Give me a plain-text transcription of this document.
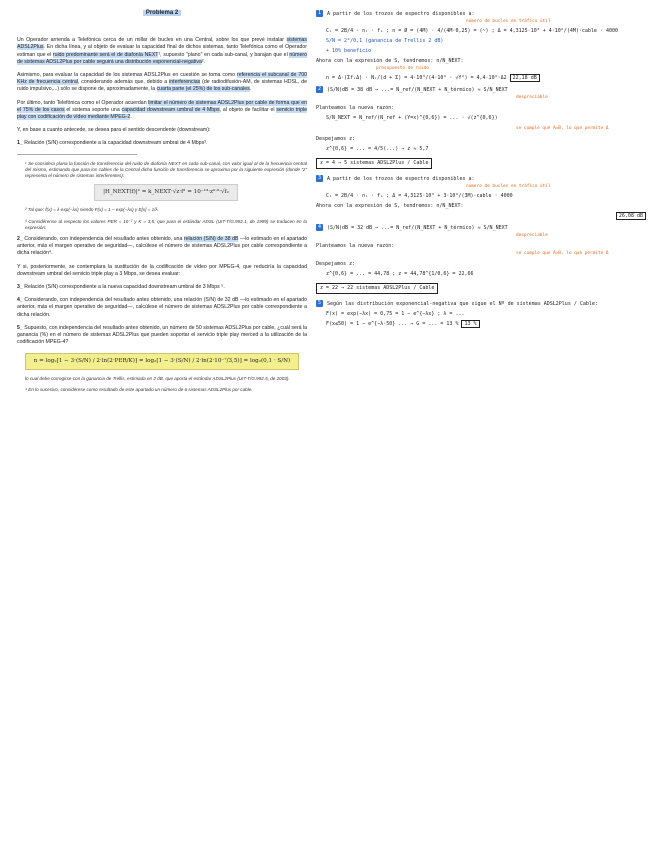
Problema 2
Un Operador arrienda a Telefónica cerca de un millar de bucles en una Central, sobre los que prevé instalar sistemas ADSL2Plus. En dicha línea, y al objeto de evaluar la capacidad final de dichos sistemas, tanto Telefónica como el Operador estiman que el ruido predominante será el de diafonía NEXT¹, supuesto "plano" en cada sub-canal, y barajan que el número de sistemas ADSL2Plus por cable seguirá una distribución exponencial-negativa².
Asimismo, para evaluar la capacidad de los sistemas ADSL2Plus en cuestión se toma como referencia el subcanal de 700 KHz de frecuencia central, considerando además que, debido a interferencias (de radiodifusión-AM, de sistemas HDSL, de ruido impulsivo,...) sólo se dispone de, aproximadamente, la cuarta parte (el 25%) de los sub-canales.
Por último, tanto Telefónica como el Operador acuerdan limitar el número de sistemas ADSL2Plus por cable de forma que en el 75% de los casos el sistema soporte una capacidad downstream umbral de 4 Mbps, al objeto de facilitar el servicio triple play con codificación de vídeo mediante MPEG-2.
Y, en base a cuanto antecede, se desea para el sentido descendente (downstream):
1_ Relación (S/N) correspondiente a la capacidad downstream umbral de 4 Mbps³.
¹ Se considera plana la función de transferencia del ruido de diafonía NEXT en cada sub-canal, con valor igual al de la frecuencia central del mismo, estimando que para los cables de la Central dicha función de transferencia se aproxima por la siguiente expresión (donde "z" representa el número de sistemas interferentes):
|H_NEXT(f)|² = k_NEXT·√z·f² = 10⁻¹³·z⁰·⁶·√f₂
² Tal que: f(x) = λ·exp(−λx) siendo F(x) = 1 − exp(−λx) y E[x] = 1/λ
³ Considérense al respecto los valores PER = 10⁻⁷ y K = 3,5; que para el estándar ADSL (UIT-T/G.992.1, de 1999) se traducen en la expresión:
2_ Considerando, con independencia del resultado antes obtenido, una relación (S/N) de 38 dB —lo estimado en el apartado anterior, más el margen operativo de seguridad—, calcúlese el número de sistemas ADSL2Plus por cable correspondiente a dicha relación⁴.
Y si, posteriormente, se contemplara la sustitución de la codificación de vídeo por MPEG-4, que reduciría la capacidad downstream umbral del servicio triple play a 3 Mbps, se desea evaluar:
3_ Relación (S/N) correspondiente a la nueva capacidad downstream umbral de 3 Mbps ⁵.
4_ Considerando, con independencia del resultado antes obtenido, una relación (S/N) de 32 dB —lo estimado en el apartado anterior, más el margen operativo de seguridad—, calcúlese el número de sistemas ADSL2Plus por cable correspondiente a dicha relación.
5_ Supuesto, con independencia del resultado antes obtenido, un número de 50 sistemas ADSL2Plus por cable, ¿cuál será la ganancia (%) en el número de sistemas ADSL2Plus que pueden soportar el servicio triple play merced a la utilización de la codificación MPEG-4?
n = log₂[1 − 3·(S/N) / 2·ln(2·PER/K)] = log₂[1 − 3·(S/N) / 2·ln(2·10⁻⁷/3,5)] = log₂(0,1 · S/N)
lo cual debe corregirse con la ganancia de Trellis, estimada en 2 dB, que aporta el estándar ADSL2Plus (UIT-T/G.992.5, de 2003).
⁴ En lo sucesivo, considérese como resultado de este apartado un número de 6 sistemas ADSL2Plus por cable.
1 A partir de los trozos de espectro disponibles a:
número de bucles en tráfico útil
Cᵢ = 2B/4 · nᵢ · fₛ ; n = Ø = (4M) · 4/(4M·0,25) = (~) ; Δ = 4,3125·10³ + 4·10⁶/(4M)·cable · 4000
S/N = 2⁴/0,1 (ganancia de Trellis 2 dB)
+ 10% beneficio
Ahora con la expresión de S, tendremos: n/N_NEXT:
presupuesto de ruido
n = Δ·(ΣfᵢΔ) · Nᵢ/(d + Σ) = 4·10³/(4·10⁶ · √f²) = 4,4·10⁶·Δ2 22,18 dB
2 (S/N)dB = 38 dB ⇒ ...= N_ref/(N_NEXT + N_térmico) ≈ S/N_NEXT
despreciable
Planteamos la nueva razón:
S/N_NEXT = N_ref/(N_ref + (Y=x)^{0,6}) = ... · √(z^{0,6})
se cumple que A=B, lo que permite Δ
Despejamos z:
z^{0,6} = ... = 4/5(...) ⇒ z ≈ 5,7
z = 4 → 5 sistemas ADSL2Plus / Cable
3 A partir de los trozos de espectro disponibles a:
número de bucles en tráfico útil
Cᵢ = 2B/4 · nᵢ · fₛ ; Δ = 4,3125·10³ + 3·10⁶/(3M)·cable · 4000
Ahora con la expresión de S, tendremos: n/N_NEXT:
26,08 dB
4 (S/N)dB = 32 dB ⇒ ...= N_ref/(N_NEXT + N_térmico) ≈ S/N_NEXT
despreciable
Planteamos la nueva razón:
se cumple que A=B, lo que permite Δ
Despejamos z:
z^{0,6} = ... = 44,78 ; z = 44,78^{1/0,6} = 22,66
z = 22 → 22 sistemas ADSL2Plus / Cable
5 Según las distribución exponencial-negativa que sigue el Nº de sistemas ADSL2Plus / Cable:
F(x) = exp(−λx) = 0,75 = 1 − e^{−λx} ; λ = ...
F(x≤50) = 1 − e^{−λ·50} ... ⇒ G = ... = 13 % 13 %
